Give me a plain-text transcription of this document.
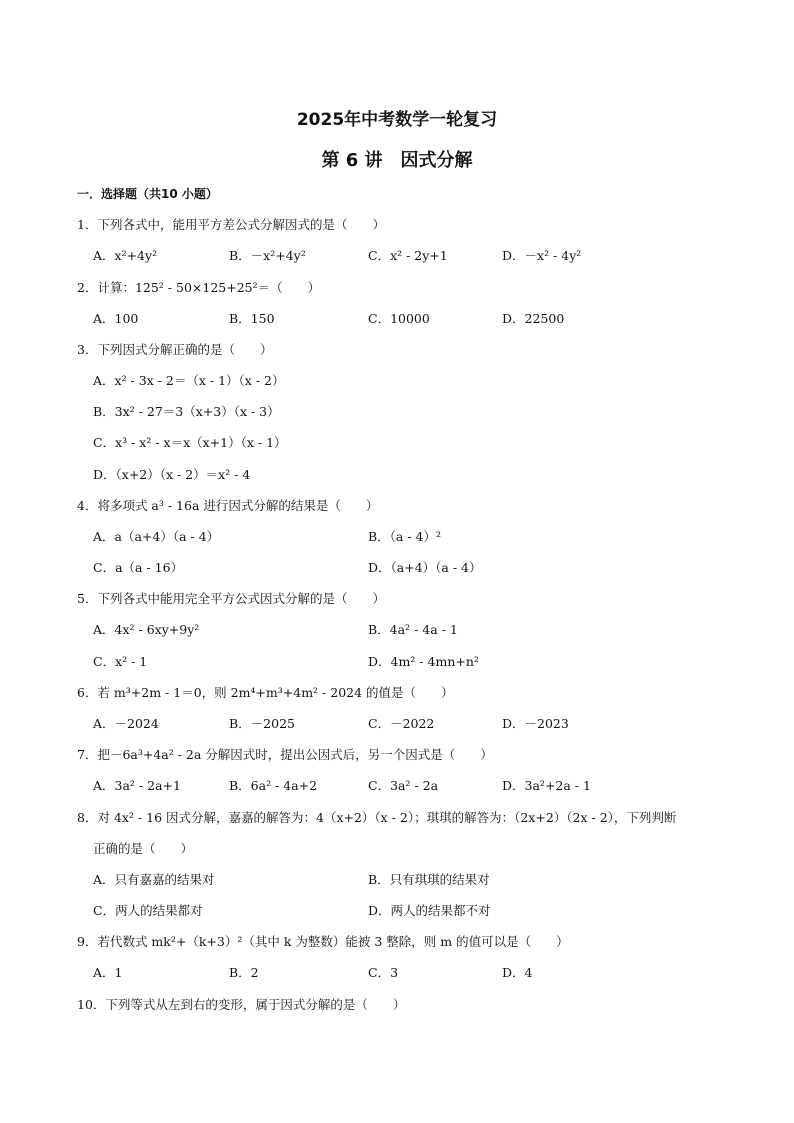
2025年中考数学一轮复习
第 6 讲　因式分解
一．选择题（共10 小题）
1．下列各式中，能用平方差公式分解因式的是（　　）
A．x²+4y²	B．－x²+4y²	C．x² - 2y+1	D．－x² - 4y²
2．计算：125² - 50×125+25²＝（　　）
A．100	B．150	C．10000	D．22500
3．下列因式分解正确的是（　　）
A．x² - 3x - 2＝（x - 1）（x - 2）
B．3x² - 27＝3（x+3）（x - 3）
C．x³ - x² - x＝x（x+1）（x - 1）
D．（x+2）（x - 2）＝x² - 4
4．将多项式 a³ - 16a 进行因式分解的结果是（　　）
A．a（a+4）（a - 4）	B．（a - 4）²
C．a（a - 16）	D．（a+4）（a - 4）
5．下列各式中能用完全平方公式因式分解的是（　　）
A．4x² - 6xy+9y²	B．4a² - 4a - 1
C．x² - 1	D．4m² - 4mn+n²
6．若 m³+2m - 1＝0，则 2m⁴+m³+4m² - 2024 的值是（　　）
A．－2024	B．－2025	C．－2022	D．－2023
7．把－6a³+4a² - 2a 分解因式时，提出公因式后，另一个因式是（　　）
A．3a² - 2a+1	B．6a² - 4a+2	C．3a² - 2a	D．3a²+2a - 1
8．对 4x² - 16 因式分解，嘉嘉的解答为：4（x+2）（x - 2）；琪琪的解答为：（2x+2）（2x - 2），下列判断
正确的是（　　）
A．只有嘉嘉的结果对	B．只有琪琪的结果对
C．两人的结果都对	D．两人的结果都不对
9．若代数式 mk²+（k+3）²（其中 k 为整数）能被 3 整除，则 m 的值可以是（　　）
A．1	B．2	C．3	D．4
10．下列等式从左到右的变形，属于因式分解的是（　　）
